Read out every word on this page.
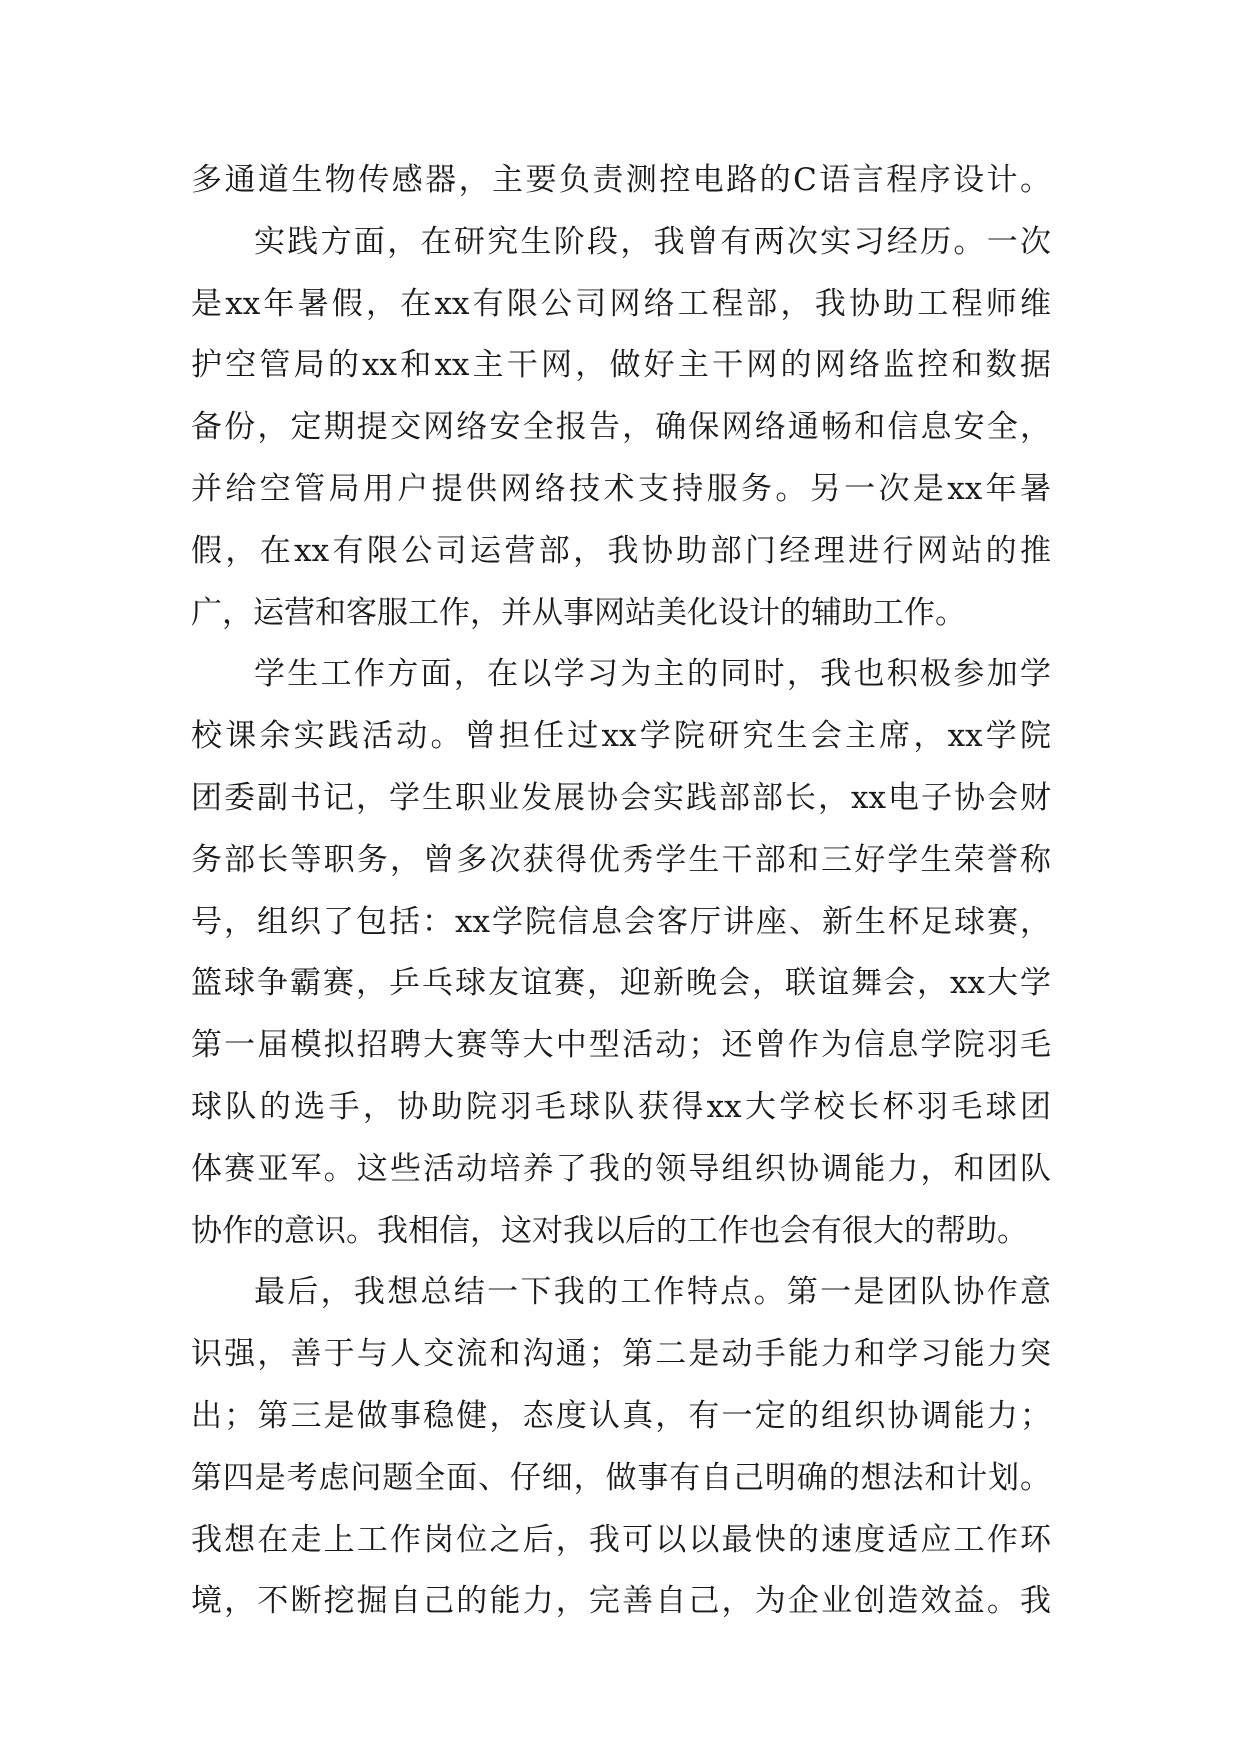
多通道生物传感器，主要负责测控电路的C语言程序设计。
实践方面，在研究生阶段，我曾有两次实习经历。一次
是xx年暑假，在xx有限公司网络工程部，我协助工程师维
护空管局的xx和xx主干网，做好主干网的网络监控和数据
备份，定期提交网络安全报告，确保网络通畅和信息安全，
并给空管局用户提供网络技术支持服务。另一次是xx年暑
假，在xx有限公司运营部，我协助部门经理进行网站的推
广，运营和客服工作，并从事网站美化设计的辅助工作。
学生工作方面，在以学习为主的同时，我也积极参加学
校课余实践活动。曾担任过xx学院研究生会主席，xx学院
团委副书记，学生职业发展协会实践部部长，xx电子协会财
务部长等职务，曾多次获得优秀学生干部和三好学生荣誉称
号，组织了包括：xx学院信息会客厅讲座、新生杯足球赛，
篮球争霸赛，乒乓球友谊赛，迎新晚会，联谊舞会，xx大学
第一届模拟招聘大赛等大中型活动；还曾作为信息学院羽毛
球队的选手，协助院羽毛球队获得xx大学校长杯羽毛球团
体赛亚军。这些活动培养了我的领导组织协调能力，和团队
协作的意识。我相信，这对我以后的工作也会有很大的帮助。
最后，我想总结一下我的工作特点。第一是团队协作意
识强，善于与人交流和沟通；第二是动手能力和学习能力突
出；第三是做事稳健，态度认真，有一定的组织协调能力；
第四是考虑问题全面、仔细，做事有自己明确的想法和计划。
我想在走上工作岗位之后，我可以以最快的速度适应工作环
境，不断挖掘自己的能力，完善自己，为企业创造效益。我
